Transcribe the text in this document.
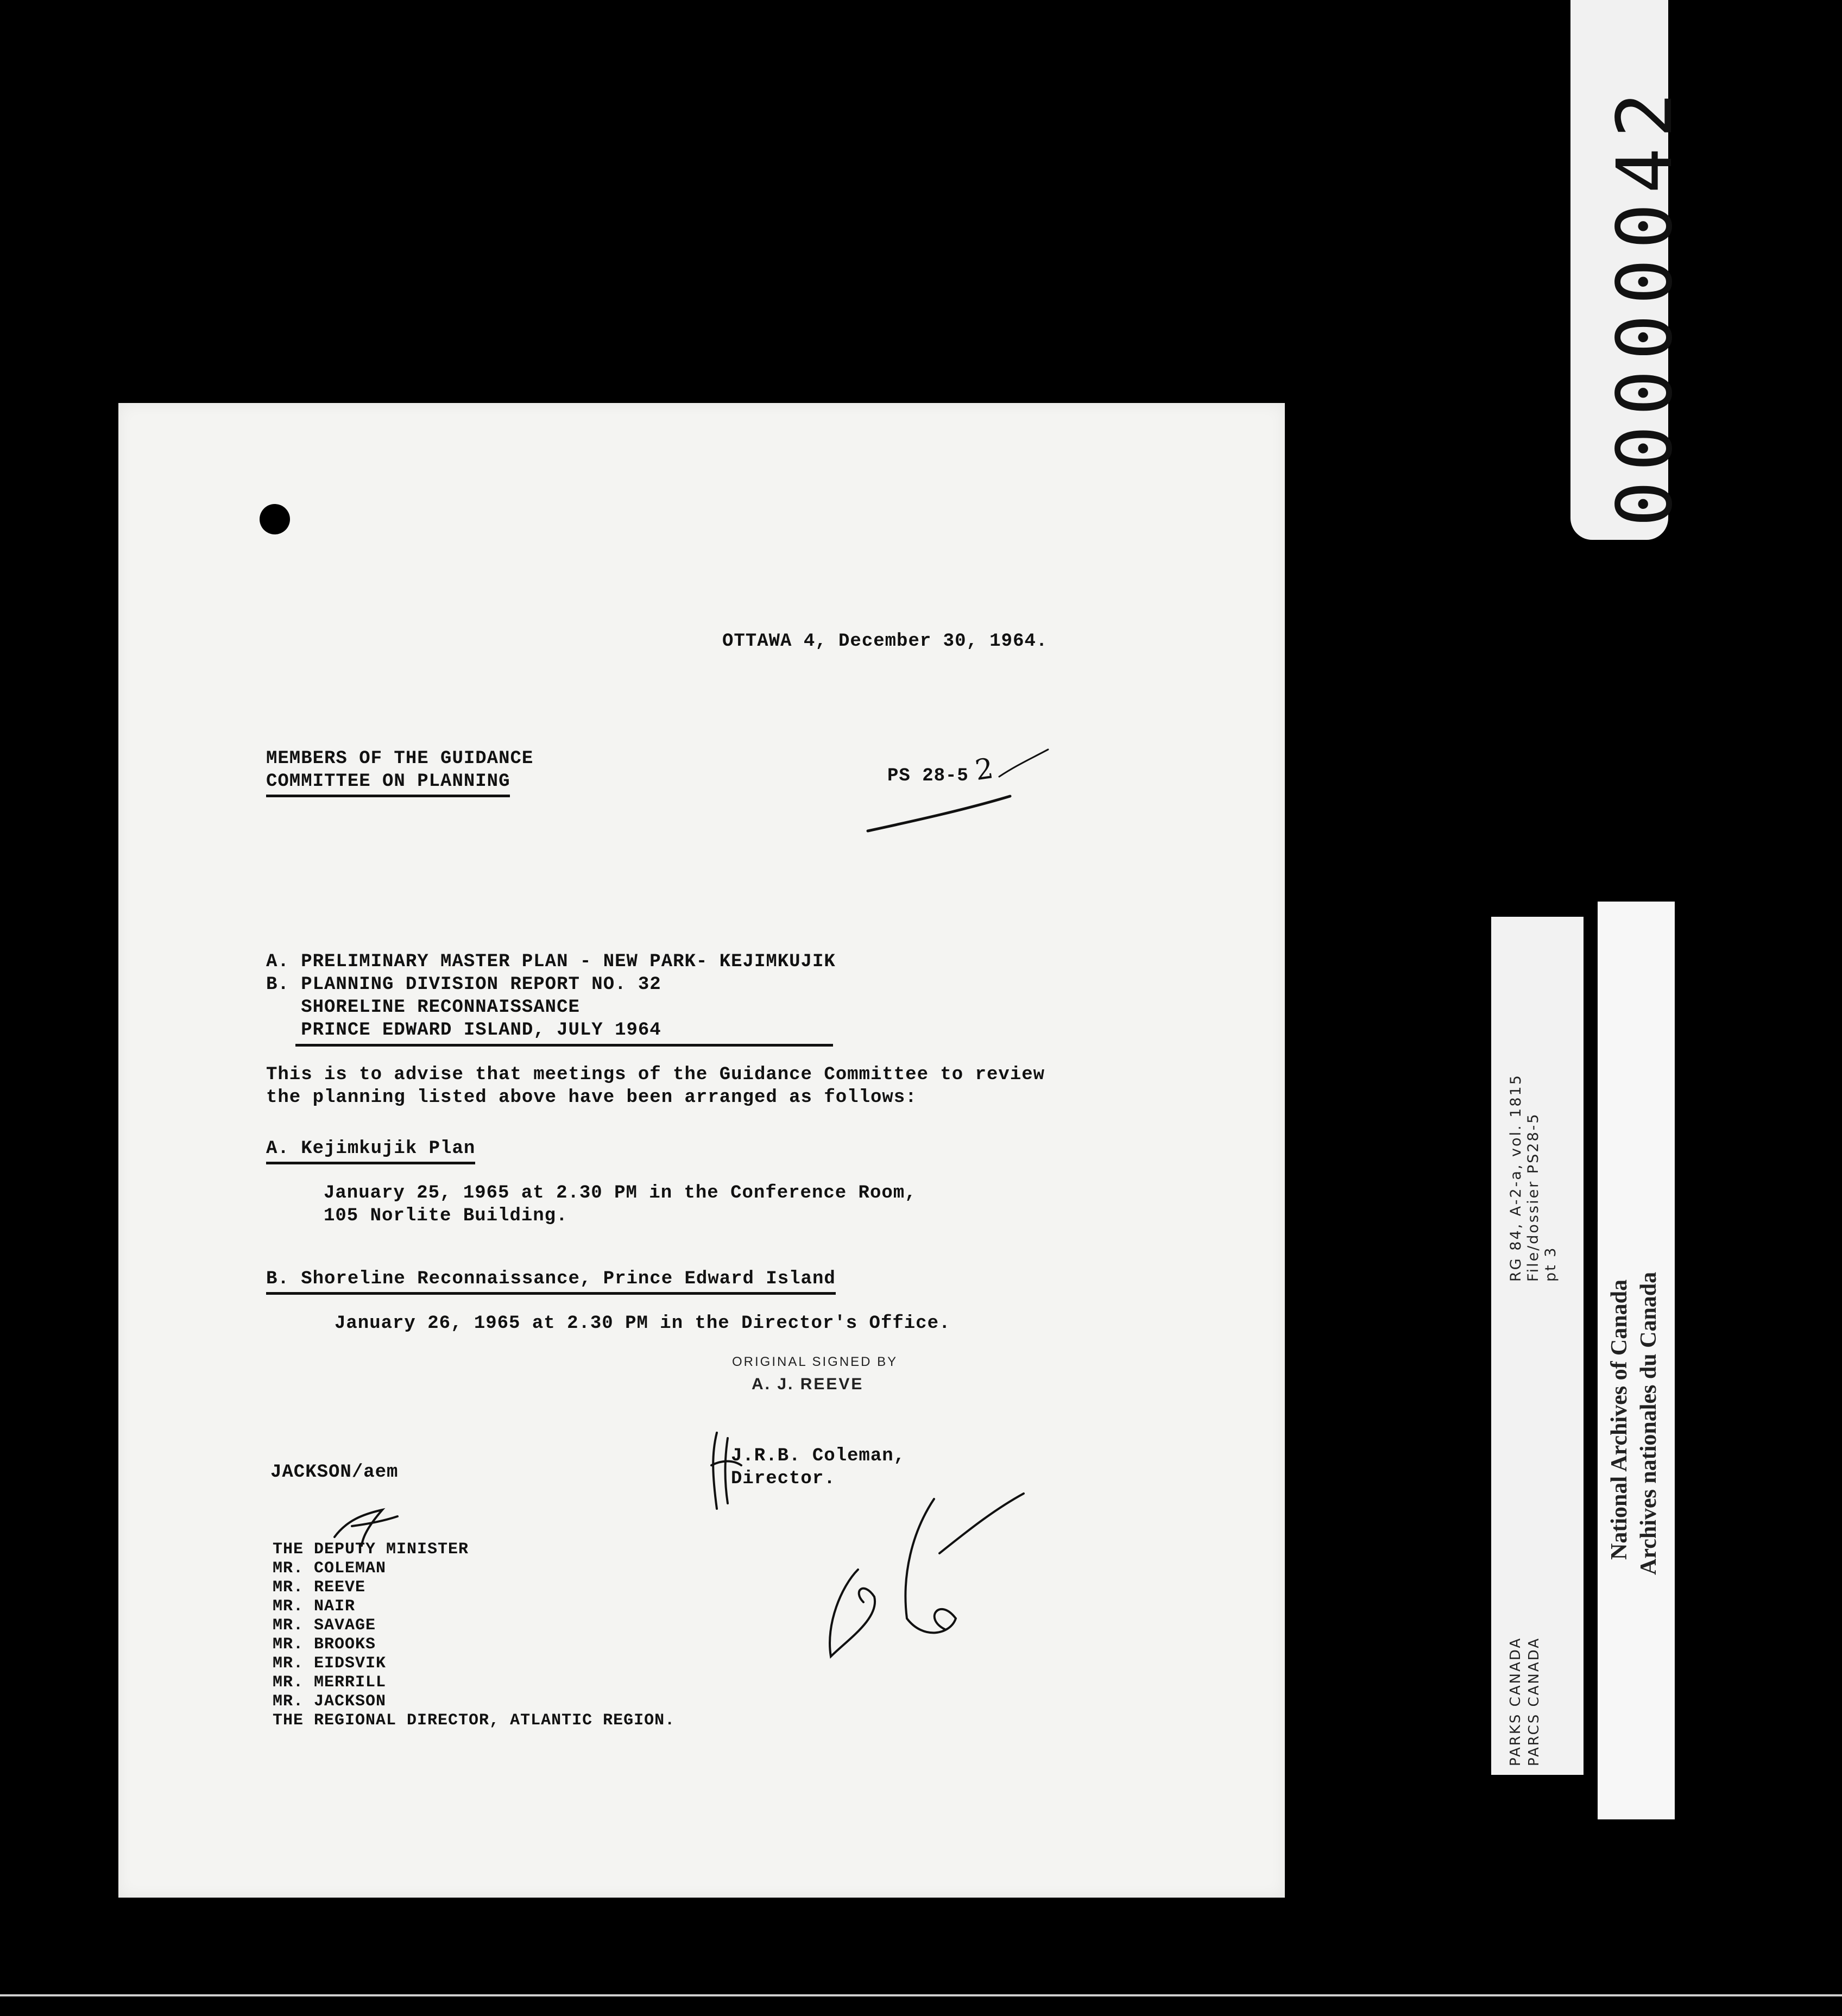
00000042
OTTAWA 4, December 30, 1964.
MEMBERS OF THE GUIDANCE
COMMITTEE ON PLANNING	PS 28-5 2
A. PRELIMINARY MASTER PLAN - NEW PARK- KEJIMKUJIK
B. PLANNING DIVISION REPORT NO. 32
SHORELINE RECONNAISSANCE
PRINCE EDWARD ISLAND, JULY 1964
This is to advise that meetings of the Guidance Committee to review
the planning listed above have been arranged as follows:
A. Kejimkujik Plan
January 25, 1965 at 2.30 PM in the Conference Room,
105 Norlite Building.
B. Shoreline Reconnaissance, Prince Edward Island
January 26, 1965 at 2.30 PM in the Director's Office.
ORIGINAL SIGNED BY
A. J. REEVE
JACKSON/aem
J.R.B. Coleman,
Director.
THE DEPUTY MINISTER
MR. COLEMAN
MR. REEVE
MR. NAIR
MR. SAVAGE
MR. BROOKS
MR. EIDSVIK
MR. MERRILL
MR. JACKSON
THE REGIONAL DIRECTOR, ATLANTIC REGION.
RG 84, A-2-a, vol. 1815 File/dossier PS28-5 pt 3
PARKS CANADA PARCS CANADA
National Archives of Canada Archives nationales du Canada
